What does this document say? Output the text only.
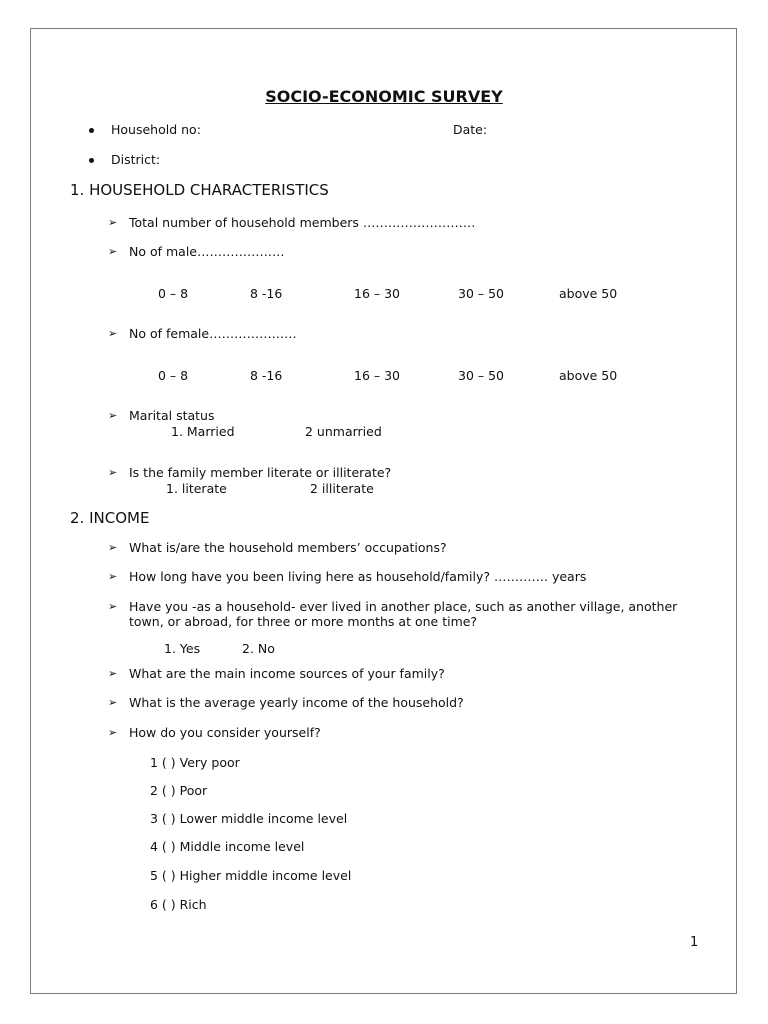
SOCIO-ECONOMIC SURVEY
Household no:	Date:
District:
1. HOUSEHOLD CHARACTERISTICS
➢ Total number of household members ………………………
➢ No of male…………………
0 – 8	8 -16	16 – 30	30 – 50	above 50
➢ No of female…………………
0 – 8	8 -16	16 – 30	30 – 50	above 50
➢ Marital status
1. Married	2 unmarried
➢ Is the family member literate or illiterate?
1. literate	2 illiterate
2. INCOME
➢ What is/are the household members’ occupations?
➢ How long have you been living here as household/family? …………. years
➢ Have you -as a household- ever lived in another place, such as another village, another
town, or abroad, for three or more months at one time?
1. Yes	2. No
➢ What are the main income sources of your family?
➢ What is the average yearly income of the household?
➢ How do you consider yourself?
1 ( ) Very poor
2 ( ) Poor
3 ( ) Lower middle income level
4 ( ) Middle income level
5 ( ) Higher middle income level
6 ( ) Rich
1
